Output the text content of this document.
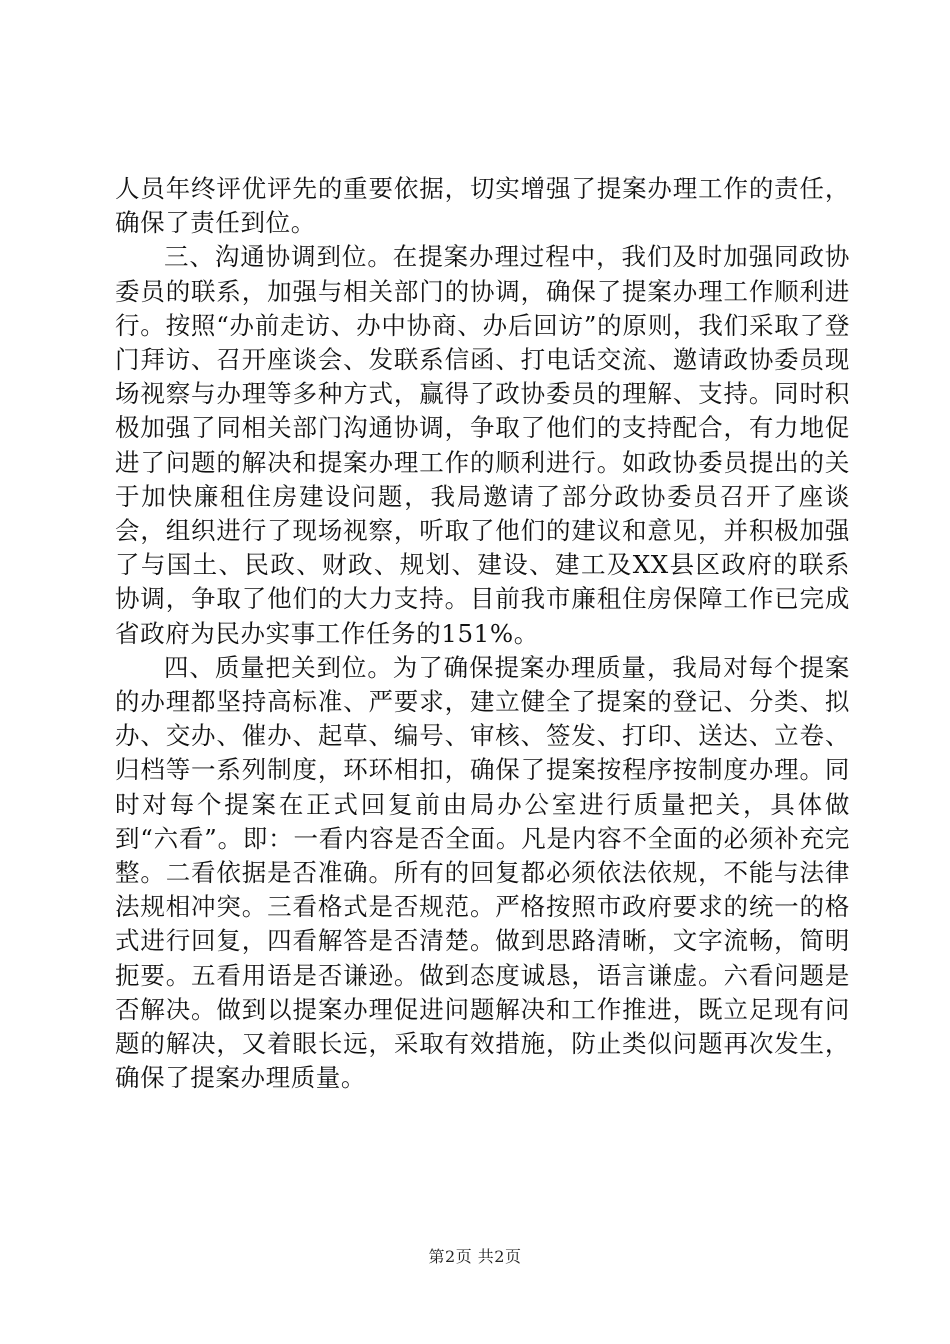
人员年终评优评先的重要依据，切实增强了提案办理工作的责任，确保了责任到位。

三、沟通协调到位。在提案办理过程中，我们及时加强同政协委员的联系，加强与相关部门的协调，确保了提案办理工作顺利进行。按照“办前走访、办中协商、办后回访”的原则，我们采取了登门拜访、召开座谈会、发联系信函、打电话交流、邀请政协委员现场视察与办理等多种方式，赢得了政协委员的理解、支持。同时积极加强了同相关部门沟通协调，争取了他们的支持配合，有力地促进了问题的解决和提案办理工作的顺利进行。如政协委员提出的关于加快廉租住房建设问题，我局邀请了部分政协委员召开了座谈会，组织进行了现场视察，听取了他们的建议和意见，并积极加强了与国土、民政、财政、规划、建设、建工及XX县区政府的联系协调，争取了他们的大力支持。目前我市廉租住房保障工作已完成省政府为民办实事工作任务的151%。

四、质量把关到位。为了确保提案办理质量，我局对每个提案的办理都坚持高标准、严要求，建立健全了提案的登记、分类、拟办、交办、催办、起草、编号、审核、签发、打印、送达、立卷、归档等一系列制度，环环相扣，确保了提案按程序按制度办理。同时对每个提案在正式回复前由局办公室进行质量把关，具体做到“六看”。即：一看内容是否全面。凡是内容不全面的必须补充完整。二看依据是否准确。所有的回复都必须依法依规，不能与法律法规相冲突。三看格式是否规范。严格按照市政府要求的统一的格式进行回复，四看解答是否清楚。做到思路清晰，文字流畅，简明扼要。五看用语是否谦逊。做到态度诚恳，语言谦虚。六看问题是否解决。做到以提案办理促进问题解决和工作推进，既立足现有问题的解决，又着眼长远，采取有效措施，防止类似问题再次发生，确保了提案办理质量。

第2页 共2页
